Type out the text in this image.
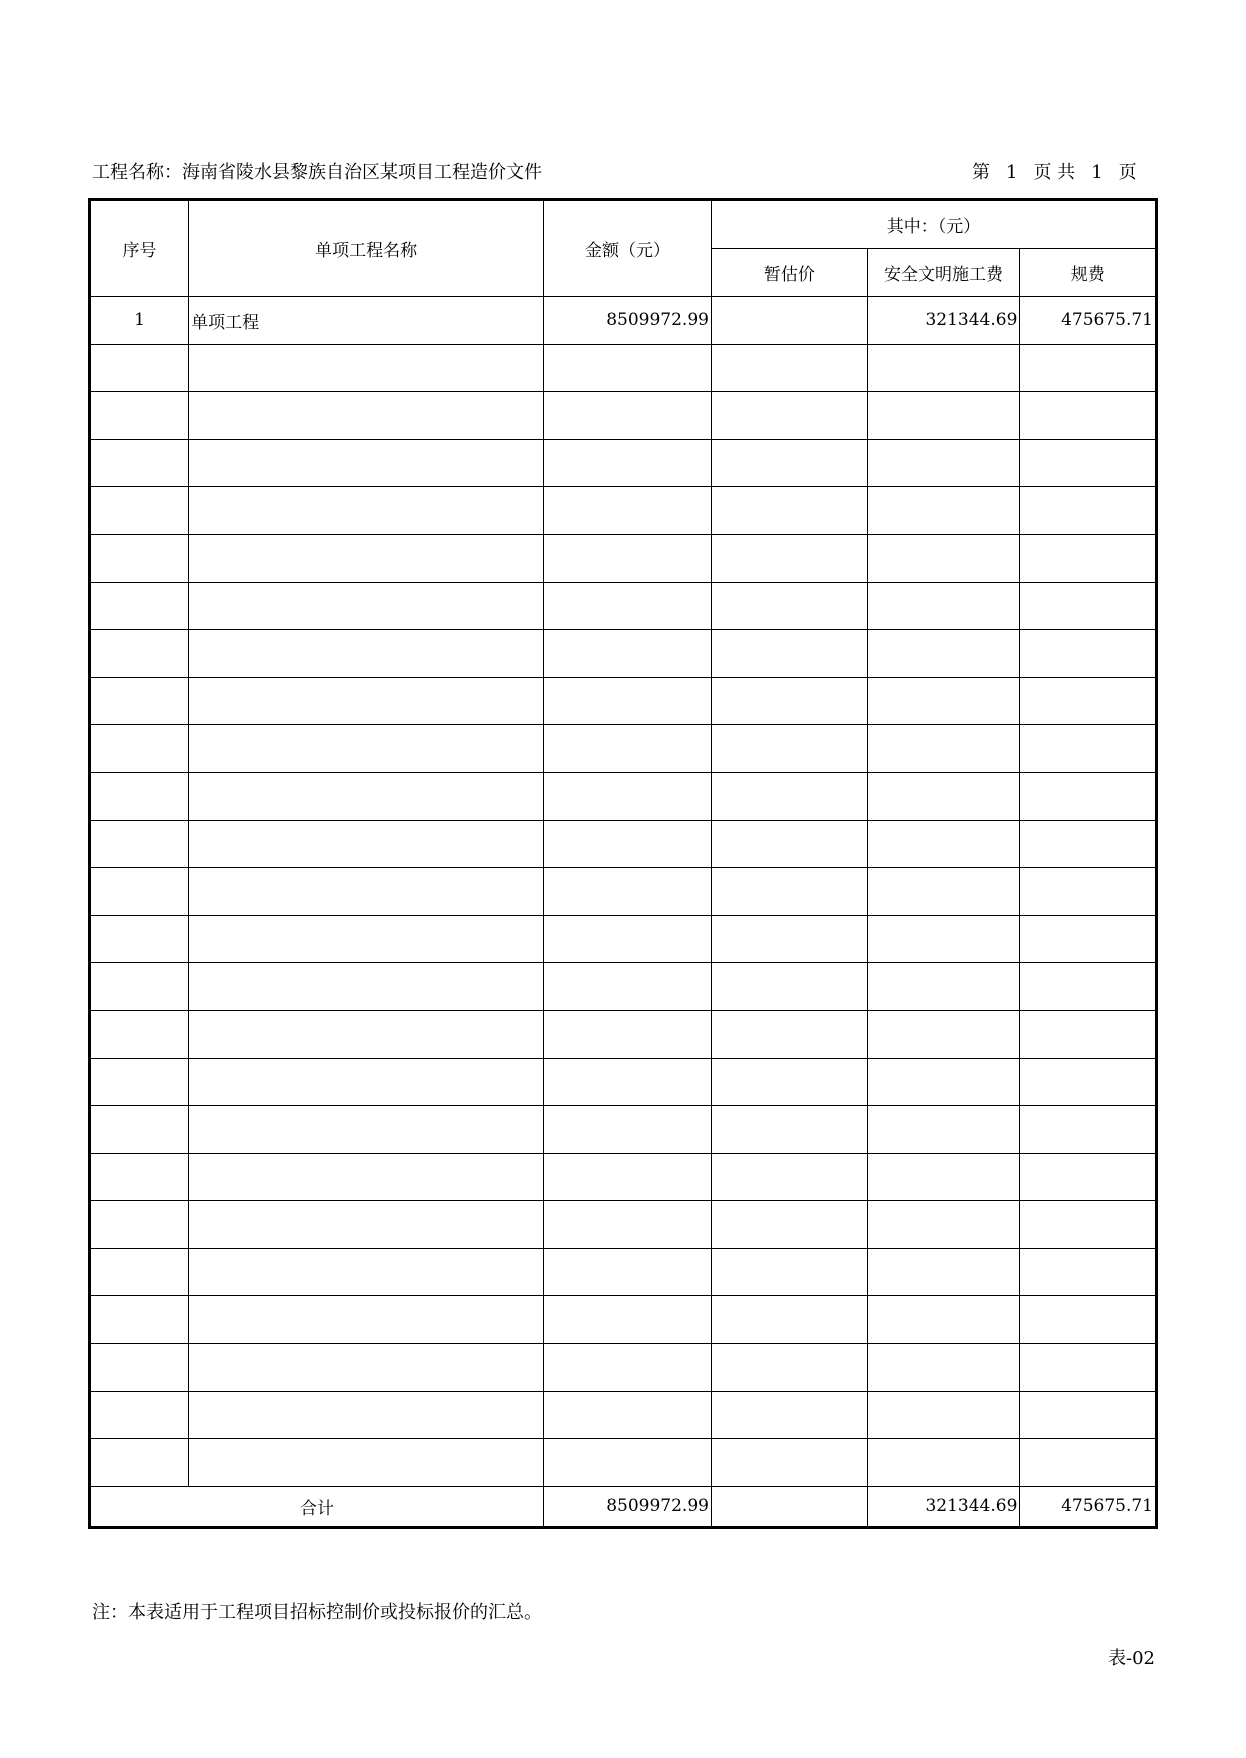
工程名称：海南省陵水县黎族自治区某项目工程造价文件	第 1 页 共 1 页
序号	单项工程名称	金额（元）	其中：（元）		
			暂估价	安全文明施工费	规费
1	单项工程	8509972.99		321344.69	475675.71

合计		8509972.99		321344.69	475675.71
注：本表适用于工程项目招标控制价或投标报价的汇总。
表-02
